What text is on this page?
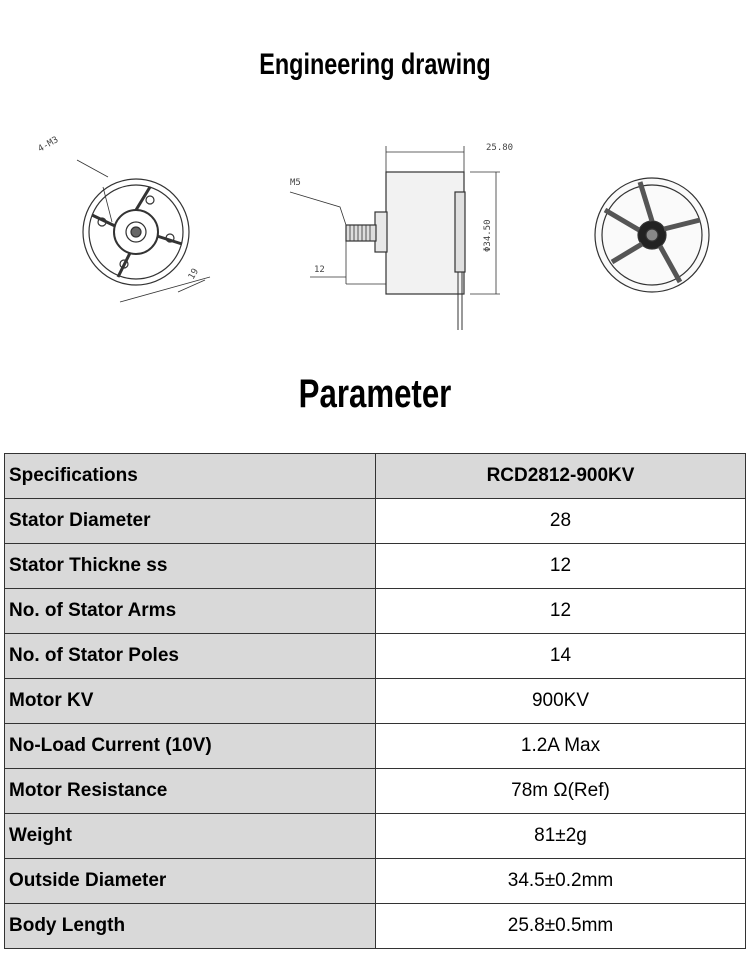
Engineering drawing
4-M3
19
25.80
Φ34.50
M5
12
Parameter
Specifications	RCD2812-900KV
Stator Diameter	28
Stator Thickne ss	12
No. of Stator Arms	12
No. of Stator Poles	14
Motor KV	900KV
No-Load Current (10V)	1.2A Max
Motor Resistance	78m Ω(Ref)
Weight	81±2g
Outside Diameter	34.5±0.2mm
Body Length	25.8±0.5mm
